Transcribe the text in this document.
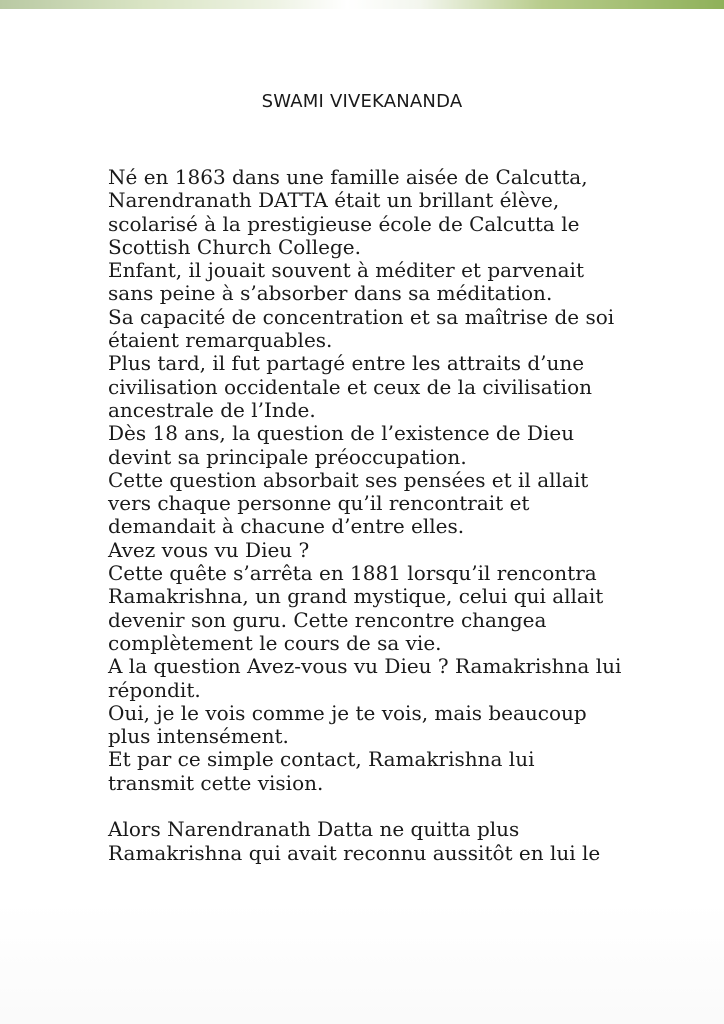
SWAMI VIVEKANANDA
Né en 1863 dans une famille aisée de Calcutta,
Narendranath DATTA était un brillant élève,
scolarisé à la prestigieuse école de Calcutta le
Scottish Church College.
Enfant, il jouait souvent à méditer et parvenait
sans peine à s’absorber dans sa méditation.
Sa capacité de concentration et sa maîtrise de soi
étaient remarquables.
Plus tard, il fut partagé entre les attraits d’une
civilisation occidentale et ceux de la civilisation
ancestrale de l’Inde.
Dès 18 ans, la question de l’existence de Dieu
devint sa principale préoccupation.
Cette question absorbait ses pensées et il allait
vers chaque personne qu’il rencontrait et
demandait à chacune d’entre elles.
Avez vous vu Dieu ?
Cette quête s’arrêta en 1881 lorsqu’il rencontra
Ramakrishna, un grand mystique, celui qui allait
devenir son guru. Cette rencontre changea
complètement le cours de sa vie.
A la question Avez-vous vu Dieu ? Ramakrishna lui
répondit.
Oui, je le vois comme je te vois, mais beaucoup
plus intensément.
Et par ce simple contact, Ramakrishna lui
transmit cette vision.
Alors Narendranath Datta ne quitta plus
Ramakrishna qui avait reconnu aussitôt en lui le
